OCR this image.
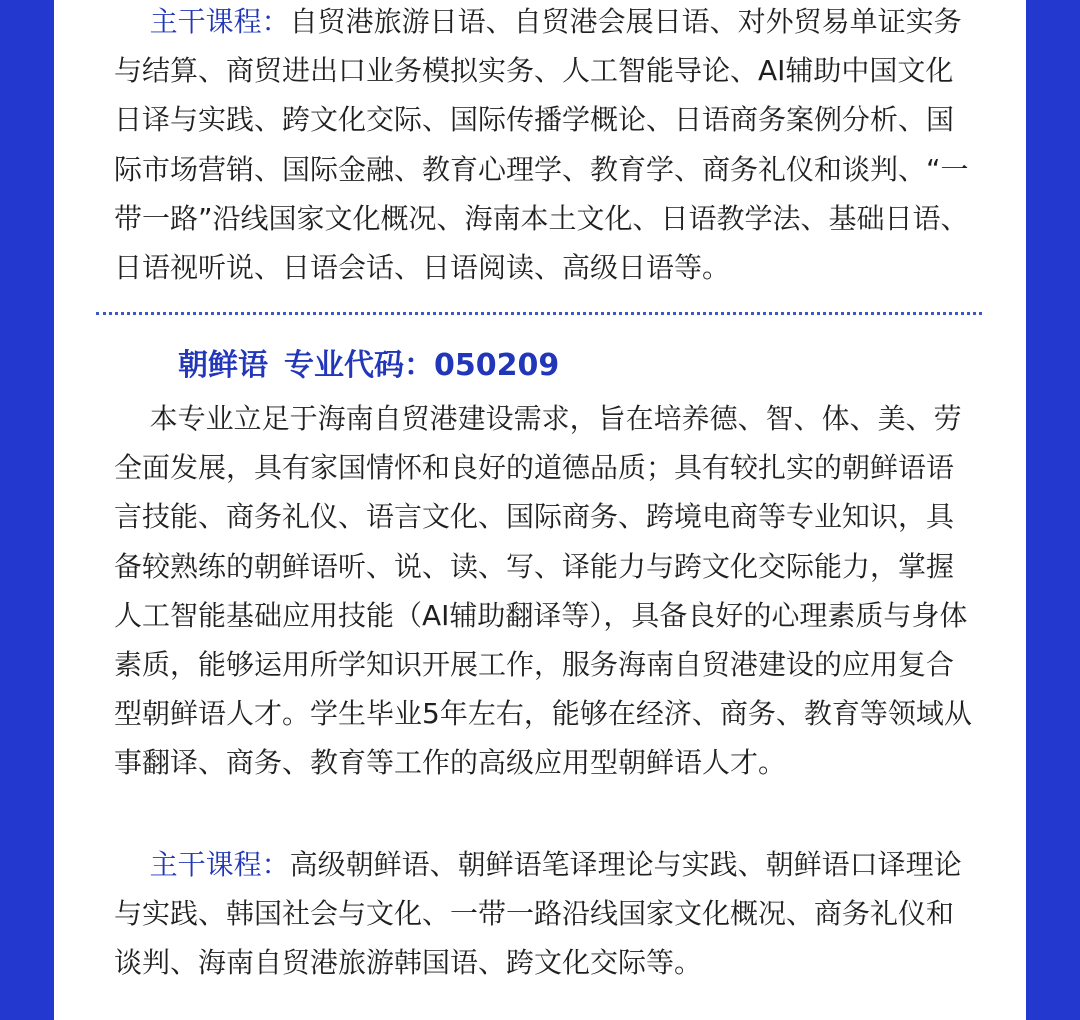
主干课程：自贸港旅游日语、自贸港会展日语、对外贸易单证实务与结算、商贸进出口业务模拟实务、人工智能导论、AI辅助中国文化日译与实践、跨文化交际、国际传播学概论、日语商务案例分析、国际市场营销、国际金融、教育心理学、教育学、商务礼仪和谈判、“一带一路”沿线国家文化概况、海南本土文化、日语教学法、基础日语、日语视听说、日语会话、日语阅读、高级日语等。

朝鲜语 专业代码：050209

本专业立足于海南自贸港建设需求，旨在培养德、智、体、美、劳全面发展，具有家国情怀和良好的道德品质；具有较扎实的朝鲜语语言技能、商务礼仪、语言文化、国际商务、跨境电商等专业知识，具备较熟练的朝鲜语听、说、读、写、译能力与跨文化交际能力，掌握人工智能基础应用技能（AI辅助翻译等），具备良好的心理素质与身体素质，能够运用所学知识开展工作，服务海南自贸港建设的应用复合型朝鲜语人才。学生毕业5年左右，能够在经济、商务、教育等领域从事翻译、商务、教育等工作的高级应用型朝鲜语人才。

主干课程：高级朝鲜语、朝鲜语笔译理论与实践、朝鲜语口译理论与实践、韩国社会与文化、一带一路沿线国家文化概况、商务礼仪和谈判、海南自贸港旅游韩国语、跨文化交际等。
